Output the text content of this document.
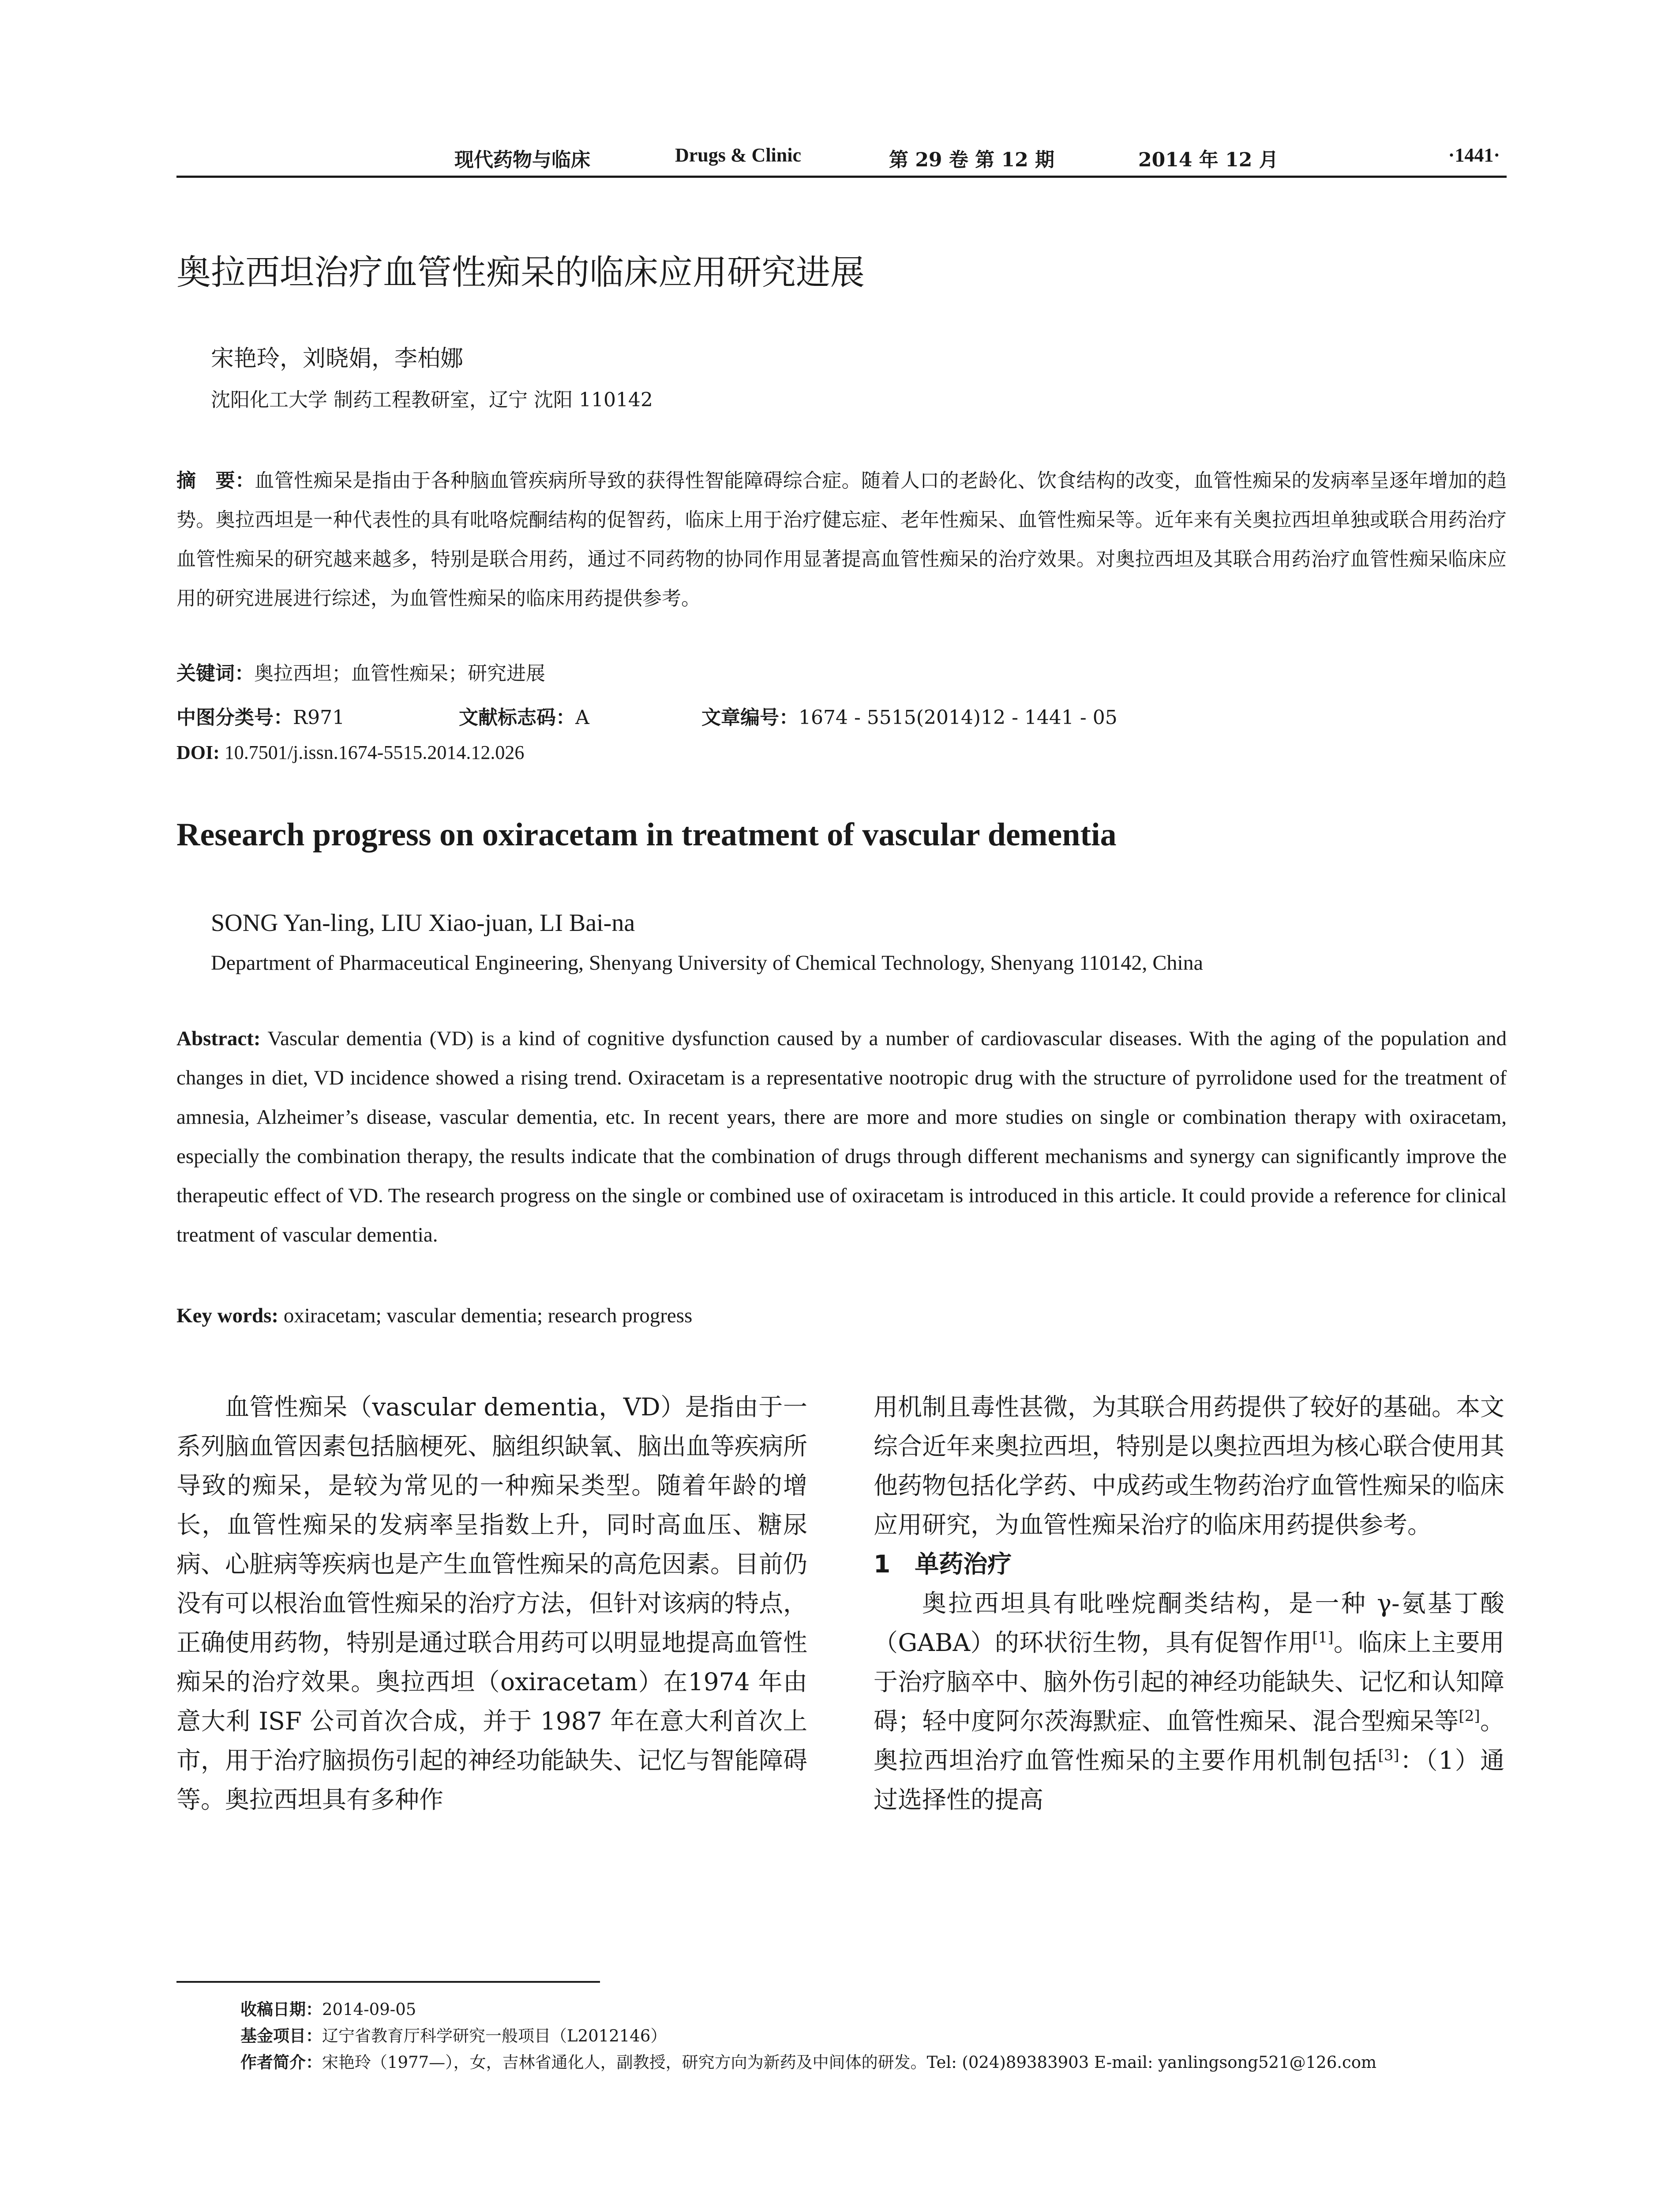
现代药物与临床	Drugs & Clinic	第 29 卷 第 12 期	2014 年 12 月	·1441·
奥拉西坦治疗血管性痴呆的临床应用研究进展
宋艳玲，刘晓娟，李柏娜
沈阳化工大学 制药工程教研室，辽宁 沈阳 110142
摘　要：血管性痴呆是指由于各种脑血管疾病所导致的获得性智能障碍综合症。随着人口的老龄化、饮食结构的改变，血管性痴呆的发病率呈逐年增加的趋势。奥拉西坦是一种代表性的具有吡咯烷酮结构的促智药，临床上用于治疗健忘症、老年性痴呆、血管性痴呆等。近年来有关奥拉西坦单独或联合用药治疗血管性痴呆的研究越来越多，特别是联合用药，通过不同药物的协同作用显著提高血管性痴呆的治疗效果。对奥拉西坦及其联合用药治疗血管性痴呆临床应用的研究进展进行综述，为血管性痴呆的临床用药提供参考。
关键词：奥拉西坦；血管性痴呆；研究进展
中图分类号：R971	文献标志码：A	文章编号：1674 - 5515(2014)12 - 1441 - 05
DOI: 10.7501/j.issn.1674-5515.2014.12.026
Research progress on oxiracetam in treatment of vascular dementia
SONG Yan-ling, LIU Xiao-juan, LI Bai-na
Department of Pharmaceutical Engineering, Shenyang University of Chemical Technology, Shenyang 110142, China
Abstract: Vascular dementia (VD) is a kind of cognitive dysfunction caused by a number of cardiovascular diseases. With the aging of the population and changes in diet, VD incidence showed a rising trend. Oxiracetam is a representative nootropic drug with the structure of pyrrolidone used for the treatment of amnesia, Alzheimer’s disease, vascular dementia, etc. In recent years, there are more and more studies on single or combination therapy with oxiracetam, especially the combination therapy, the results indicate that the combination of drugs through different mechanisms and synergy can significantly improve the therapeutic effect of VD. The research progress on the single or combined use of oxiracetam is introduced in this article. It could provide a reference for clinical treatment of vascular dementia.
Key words: oxiracetam; vascular dementia; research progress

血管性痴呆（vascular dementia，VD）是指由于一系列脑血管因素包括脑梗死、脑组织缺氧、脑出血等疾病所导致的痴呆，是较为常见的一种痴呆类型。随着年龄的增长，血管性痴呆的发病率呈指数上升，同时高血压、糖尿病、心脏病等疾病也是产生血管性痴呆的高危因素。目前仍没有可以根治血管性痴呆的治疗方法，但针对该病的特点，正确使用药物，特别是通过联合用药可以明显地提高血管性痴呆的治疗效果。奥拉西坦（oxiracetam）在1974 年由意大利 ISF 公司首次合成，并于 1987 年在意大利首次上市，用于治疗脑损伤引起的神经功能缺失、记忆与智能障碍等。奥拉西坦具有多种作

用机制且毒性甚微，为其联合用药提供了较好的基础。本文综合近年来奥拉西坦，特别是以奥拉西坦为核心联合使用其他药物包括化学药、中成药或生物药治疗血管性痴呆的临床应用研究，为血管性痴呆治疗的临床用药提供参考。

1　单药治疗

奥拉西坦具有吡唑烷酮类结构，是一种 γ-氨基丁酸（GABA）的环状衍生物，具有促智作用[1]。临床上主要用于治疗脑卒中、脑外伤引起的神经功能缺失、记忆和认知障碍；轻中度阿尔茨海默症、血管性痴呆、混合型痴呆等[2]。奥拉西坦治疗血管性痴呆的主要作用机制包括[3]：（1）通过选择性的提高

收稿日期：2014-09-05
基金项目：辽宁省教育厅科学研究一般项目（L2012146）
作者简介：宋艳玲（1977—），女，吉林省通化人，副教授，研究方向为新药及中间体的研发。Tel: (024)89383903 E-mail: yanlingsong521@126.com
